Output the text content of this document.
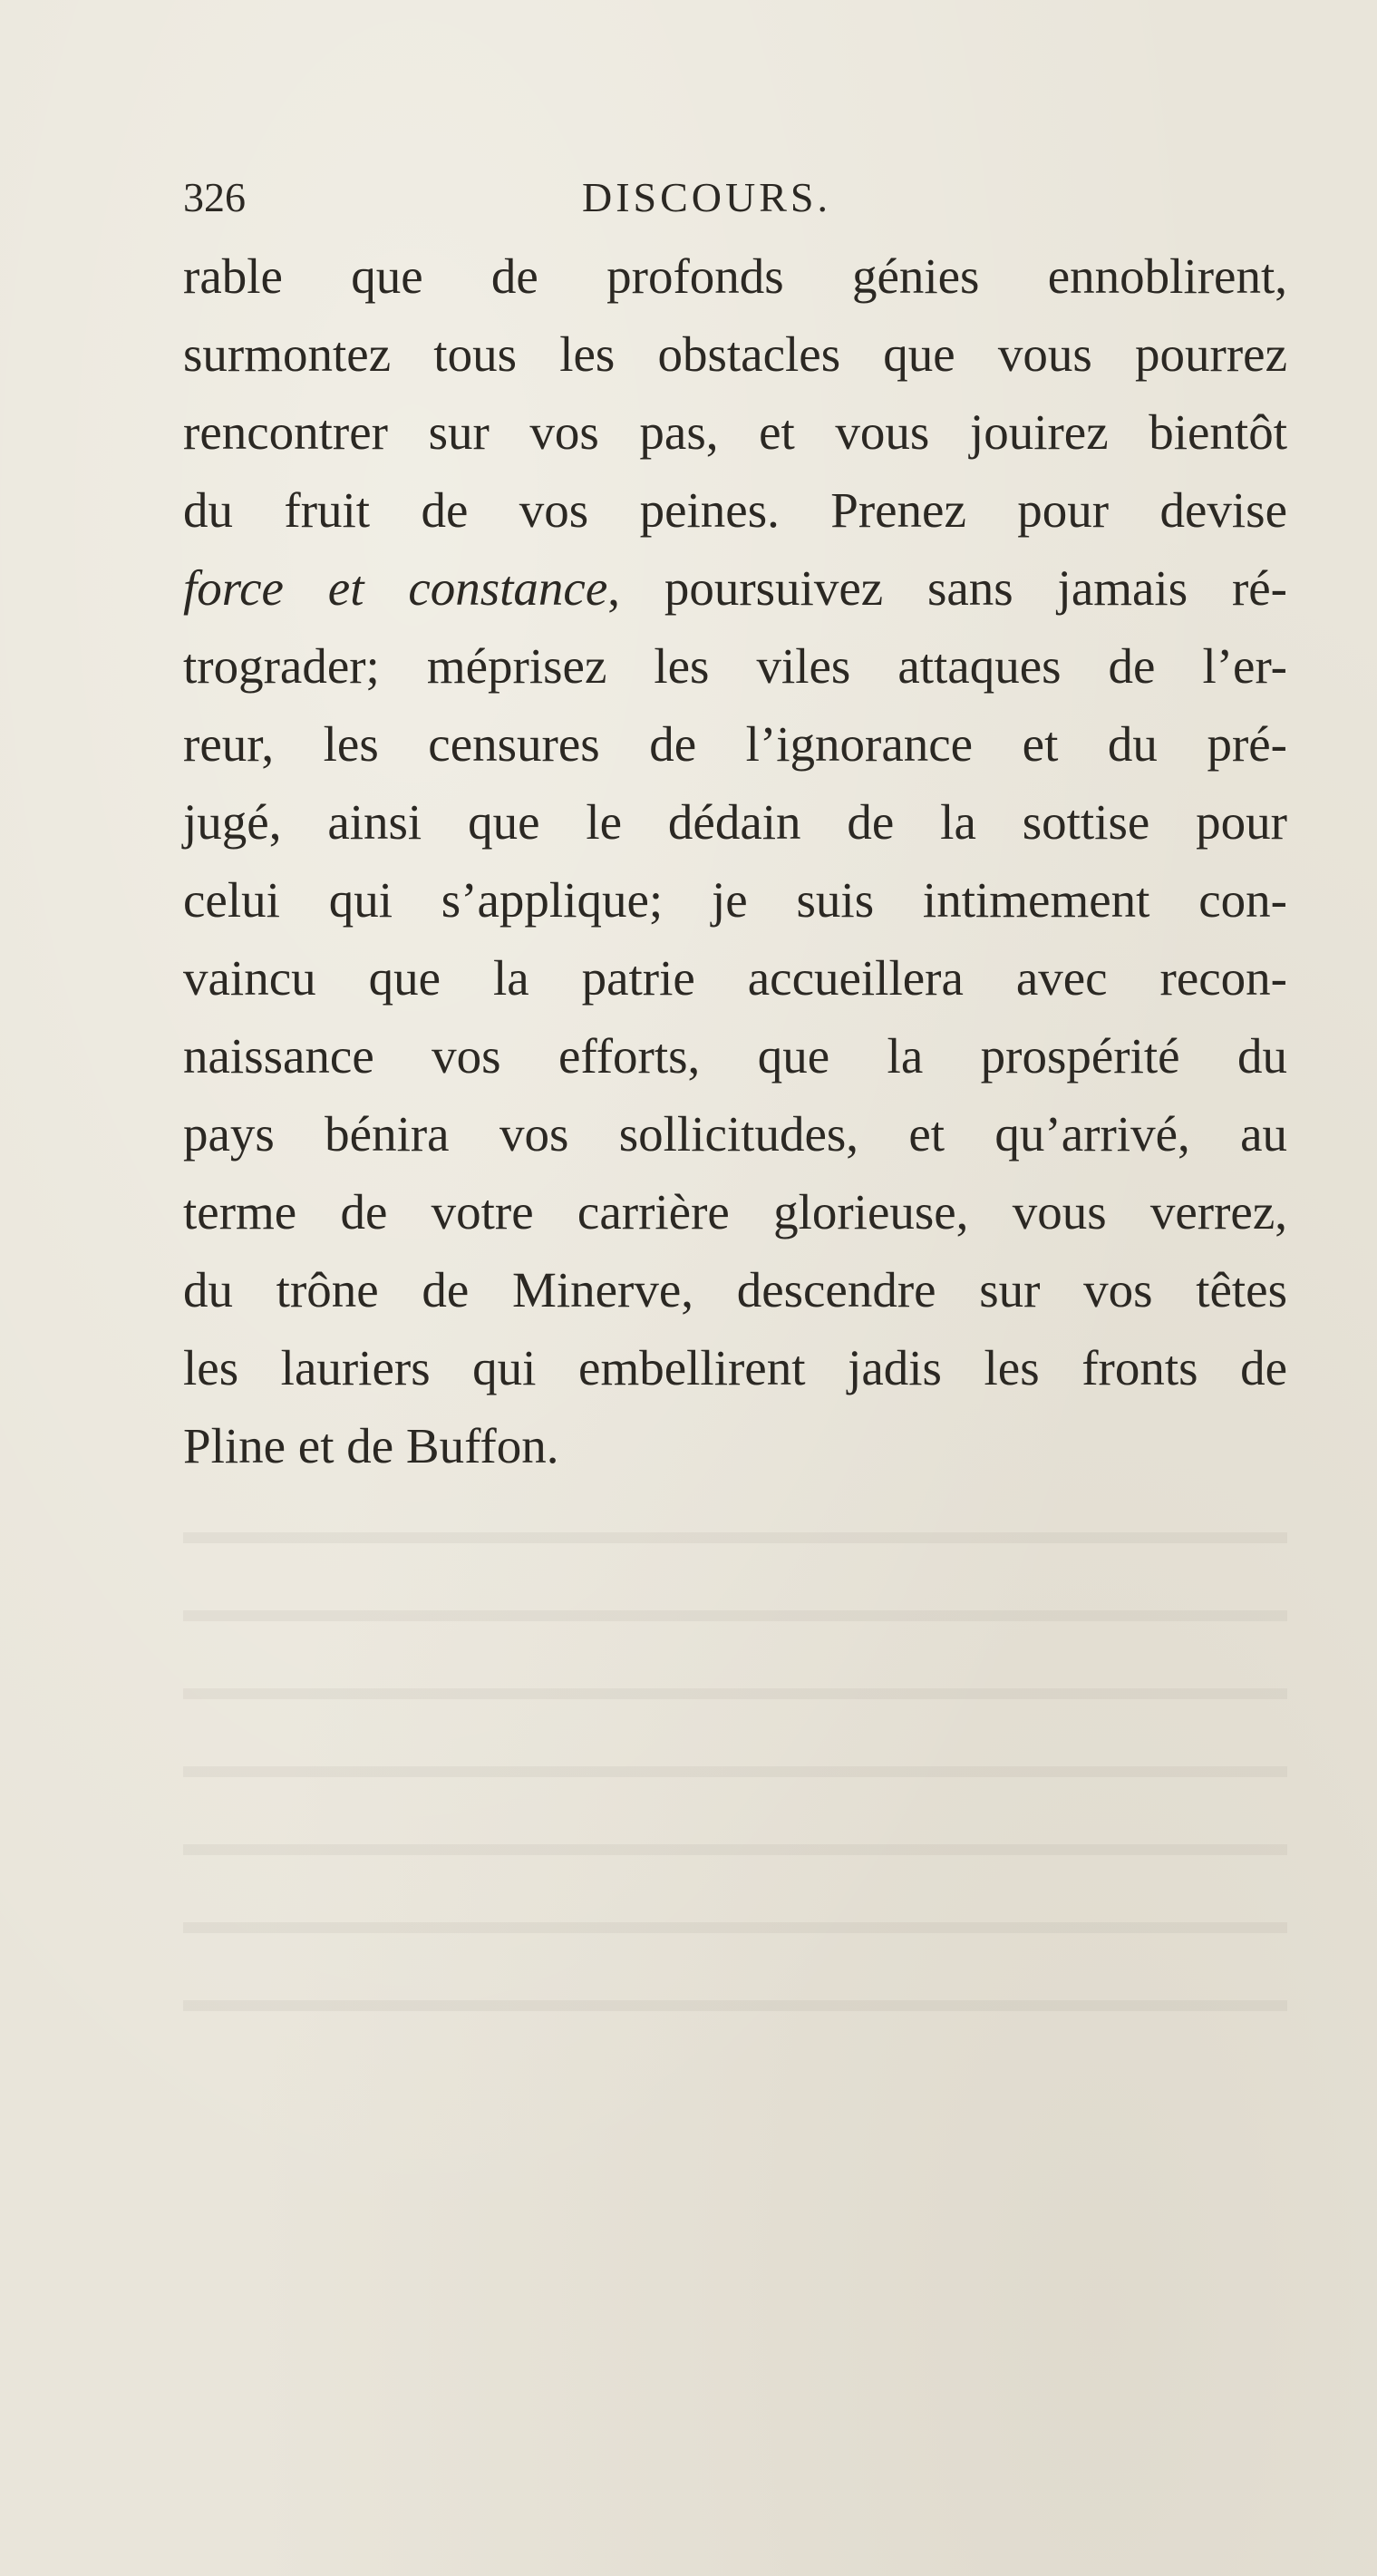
326	DISCOURS.
rable que de profonds génies ennoblirent,
surmontez tous les obstacles que vous pourrez
rencontrer sur vos pas, et vous jouirez bientôt
du fruit de vos peines. Prenez pour devise
force et constance, poursuivez sans jamais ré-
trograder; méprisez les viles attaques de l’er-
reur, les censures de l’ignorance et du pré-
jugé, ainsi que le dédain de la sottise pour
celui qui s’applique; je suis intimement con-
vaincu que la patrie accueillera avec recon-
naissance vos efforts, que la prospérité du
pays bénira vos sollicitudes, et qu’arrivé, au
terme de votre carrière glorieuse, vous verrez,
du trône de Minerve, descendre sur vos têtes
les lauriers qui embellirent jadis les fronts de
Pline et de Buffon.
